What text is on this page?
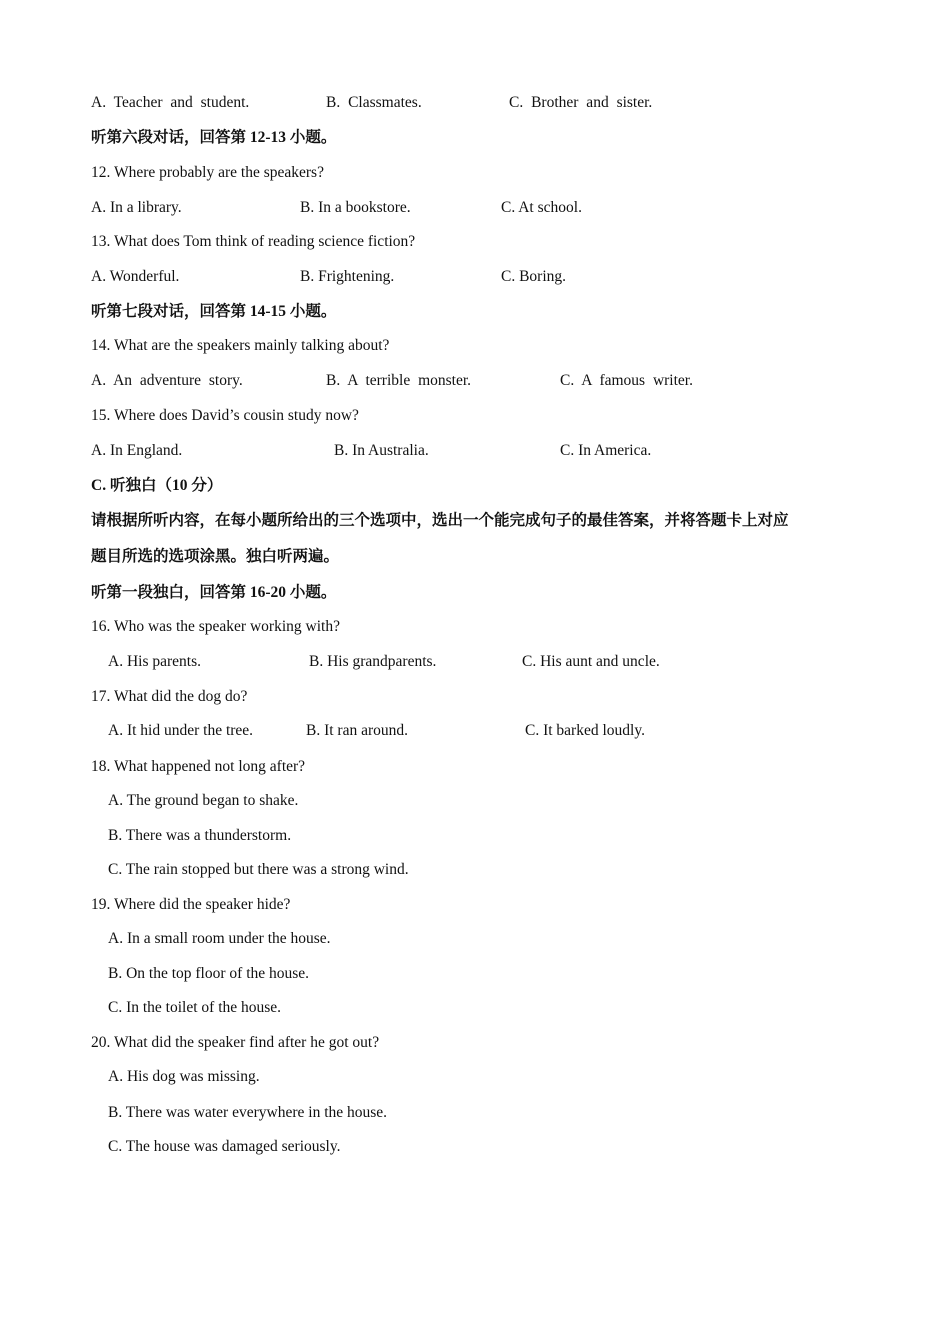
A. Teacher and student.	B. Classmates.	C. Brother and sister.
听第六段对话，回答第 12-13 小题。
12. Where probably are the speakers?
A. In a library.	B. In a bookstore.	C. At school.
13. What does Tom think of reading science fiction?
A. Wonderful.	B. Frightening.	C. Boring.
听第七段对话，回答第 14-15 小题。
14. What are the speakers mainly talking about?
A. An adventure story.	B. A terrible monster.	C. A famous writer.
15. Where does David’s cousin study now?
A. In England.	B. In Australia.	C. In America.
C. 听独白（10 分）
请根据所听内容，在每小题所给出的三个选项中，选出一个能完成句子的最佳答案，并将答题卡上对应
题目所选的选项涂黑。独白听两遍。
听第一段独白，回答第 16-20 小题。
16. Who was the speaker working with?
A. His parents.	B. His grandparents.	C. His aunt and uncle.
17. What did the dog do?
A. It hid under the tree.	B. It ran around.	C. It barked loudly.
18. What happened not long after?
A. The ground began to shake.
B. There was a thunderstorm.
C. The rain stopped but there was a strong wind.
19. Where did the speaker hide?
A. In a small room under the house.
B. On the top floor of the house.
C. In the toilet of the house.
20. What did the speaker find after he got out?
A. His dog was missing.
B. There was water everywhere in the house.
C. The house was damaged seriously.
